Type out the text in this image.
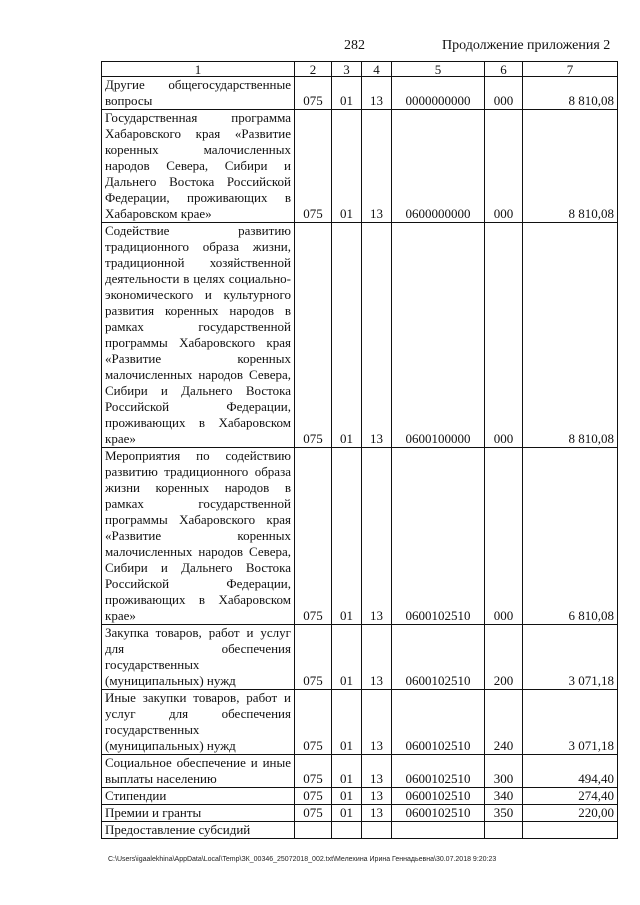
282	Продолжение приложения 2
1	2	3	4	5	6	7
Другие общегосударственные вопросы	075	01	13	0000000000	000	8 810,08
Государственная программа Хабаровского края «Развитие коренных малочисленных народов Севера, Сибири и Дальнего Востока Российской Федерации, проживающих в Хабаровском крае»	075	01	13	0600000000	000	8 810,08
Содействие развитию традиционного образа жизни, традиционной хозяйственной деятельности в целях социально-экономического и культурного развития коренных народов в рамках государственной программы Хабаровского края «Развитие коренных малочисленных народов Севера, Сибири и Дальнего Востока Российской Федерации, проживающих в Хабаровском крае»	075	01	13	0600100000	000	8 810,08
Мероприятия по содействию развитию традиционного образа жизни коренных народов в рамках государственной программы Хабаровского края «Развитие коренных малочисленных народов Севера, Сибири и Дальнего Востока Российской Федерации, проживающих в Хабаровском крае»	075	01	13	0600102510	000	6 810,08
Закупка товаров, работ и услуг для обеспечения государственных (муниципальных) нужд	075	01	13	0600102510	200	3 071,18
Иные закупки товаров, работ и услуг для обеспечения государственных (муниципальных) нужд	075	01	13	0600102510	240	3 071,18
Социальное обеспечение и иные выплаты населению	075	01	13	0600102510	300	494,40
Стипендии	075	01	13	0600102510	340	274,40
Премии и гранты	075	01	13	0600102510	350	220,00
Предоставление субсидий						
C:\Users\igaalekhina\AppData\Local\Temp\ЗК_00346_25072018_002.txt\Мелехина Ирина Геннадьевна\30.07.2018 9:20:23
